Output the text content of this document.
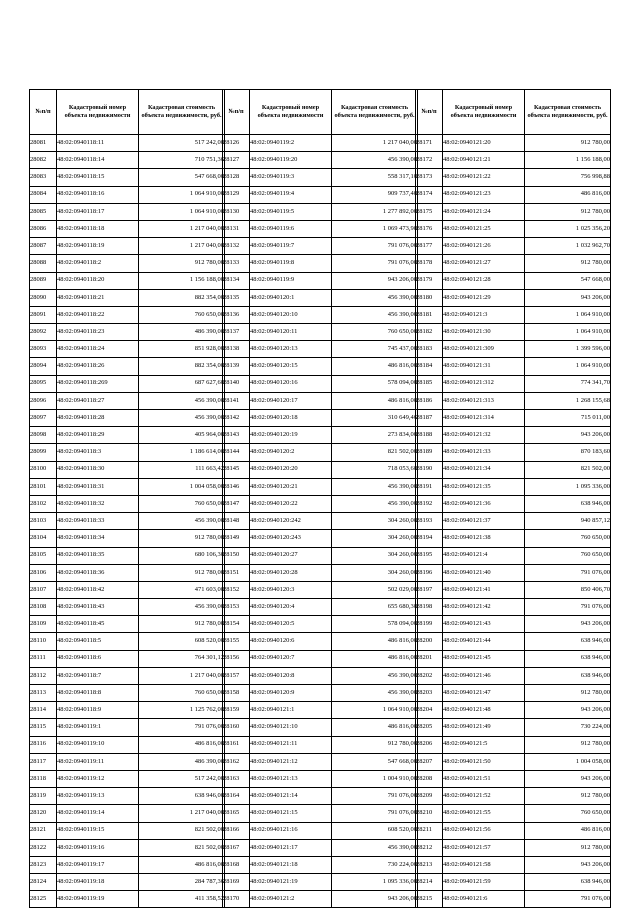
№п/п	Кадастровый номер объекта недвижимости	Кадастровая стоимость объекта недвижимости, руб.
28081	48:02:0940118:11	517 242,00
28082	48:02:0940118:14	710 751,36
28083	48:02:0940118:15	547 668,00
28084	48:02:0940118:16	1 064 910,00
28085	48:02:0940118:17	1 064 910,00
28086	48:02:0940118:18	1 217 040,00
28087	48:02:0940118:19	1 217 040,00
28088	48:02:0940118:2	912 780,00
28089	48:02:0940118:20	1 156 188,00
28090	48:02:0940118:21	882 354,00
28091	48:02:0940118:22	760 650,00
28092	48:02:0940118:23	486 390,00
28093	48:02:0940118:24	851 928,00
28094	48:02:0940118:26	882 354,00
28095	48:02:0940118:269	687 627,60
28096	48:02:0940118:27	456 390,00
28097	48:02:0940118:28	456 390,00
28098	48:02:0940118:29	405 964,00
28099	48:02:0940118:3	1 186 614,00
28100	48:02:0940118:30	111 663,42
28101	48:02:0940118:31	1 004 058,00
28102	48:02:0940118:32	760 650,00
28103	48:02:0940118:33	456 390,00
28104	48:02:0940118:34	912 780,00
28105	48:02:0940118:35	680 106,30
28106	48:02:0940118:36	912 780,00
28107	48:02:0940118:42	471 603,00
28108	48:02:0940118:43	456 390,00
28109	48:02:0940118:45	912 780,00
28110	48:02:0940118:5	608 520,00
28111	48:02:0940118:6	764 301,12
28112	48:02:0940118:7	1 217 040,00
28113	48:02:0940118:8	760 650,00
28114	48:02:0940118:9	1 125 762,00
28115	48:02:0940119:1	791 076,00
28116	48:02:0940119:10	486 816,00
28117	48:02:0940119:11	486 390,00
28118	48:02:0940119:12	517 242,00
28119	48:02:0940119:13	638 946,00
28120	48:02:0940119:14	1 217 040,00
28121	48:02:0940119:15	821 502,00
28122	48:02:0940119:16	821 502,00
28123	48:02:0940119:17	486 816,00
28124	48:02:0940119:18	284 787,36
28125	48:02:0940119:19	411 358,52
№п/п	Кадастровый номер объекта недвижимости	Кадастровая стоимость объекта недвижимости, руб.
28126	48:02:0940119:2	1 217 040,00
28127	48:02:0940119:20	456 390,00
28128	48:02:0940119:3	558 317,10
28129	48:02:0940119:4	909 737,40
28130	48:02:0940119:5	1 277 892,00
28131	48:02:0940119:6	1 069 473,90
28132	48:02:0940119:7	791 076,00
28133	48:02:0940119:8	791 076,00
28134	48:02:0940119:9	943 206,00
28135	48:02:0940120:1	456 390,00
28136	48:02:0940120:10	456 390,00
28137	48:02:0940120:11	760 650,00
28138	48:02:0940120:13	745 437,00
28139	48:02:0940120:15	486 816,00
28140	48:02:0940120:16	578 094,00
28141	48:02:0940120:17	486 816,00
28142	48:02:0940120:18	310 649,46
28143	48:02:0940120:19	273 834,00
28144	48:02:0940120:2	821 502,00
28145	48:02:0940120:20	718 053,60
28146	48:02:0940120:21	456 390,00
28147	48:02:0940120:22	456 390,00
28148	48:02:0940120:242	304 260,00
28149	48:02:0940120:243	304 260,00
28150	48:02:0940120:27	304 260,00
28151	48:02:0940120:28	304 260,00
28152	48:02:0940120:3	502 029,00
28153	48:02:0940120:4	655 680,30
28154	48:02:0940120:5	578 094,00
28155	48:02:0940120:6	486 816,00
28156	48:02:0940120:7	486 816,00
28157	48:02:0940120:8	456 390,00
28158	48:02:0940120:9	456 390,00
28159	48:02:0940121:1	1 064 910,00
28160	48:02:0940121:10	486 816,00
28161	48:02:0940121:11	912 780,00
28162	48:02:0940121:12	547 668,00
28163	48:02:0940121:13	1 004 910,00
28164	48:02:0940121:14	791 076,00
28165	48:02:0940121:15	791 076,00
28166	48:02:0940121:16	608 520,00
28167	48:02:0940121:17	456 390,00
28168	48:02:0940121:18	730 224,00
28169	48:02:0940121:19	1 095 336,00
28170	48:02:0940121:2	943 206,00
№п/п	Кадастровый номер объекта недвижимости	Кадастровая стоимость объекта недвижимости, руб.
28171	48:02:0940121:20	912 780,00
28172	48:02:0940121:21	1 156 188,00
28173	48:02:0940121:22	756 998,88
28174	48:02:0940121:23	486 816,00
28175	48:02:0940121:24	912 780,00
28176	48:02:0940121:25	1 025 356,20
28177	48:02:0940121:26	1 032 962,70
28178	48:02:0940121:27	912 780,00
28179	48:02:0940121:28	547 668,00
28180	48:02:0940121:29	943 206,00
28181	48:02:0940121:3	1 064 910,00
28182	48:02:0940121:30	1 064 910,00
28183	48:02:0940121:309	1 399 596,00
28184	48:02:0940121:31	1 064 910,00
28185	48:02:0940121:312	774 341,70
28186	48:02:0940121:313	1 268 155,68
28187	48:02:0940121:314	715 011,00
28188	48:02:0940121:32	943 206,00
28189	48:02:0940121:33	870 183,60
28190	48:02:0940121:34	821 502,00
28191	48:02:0940121:35	1 095 336,00
28192	48:02:0940121:36	638 946,00
28193	48:02:0940121:37	940 857,12
28194	48:02:0940121:38	760 650,00
28195	48:02:0940121:4	760 650,00
28196	48:02:0940121:40	791 076,00
28197	48:02:0940121:41	850 406,70
28198	48:02:0940121:42	791 076,00
28199	48:02:0940121:43	943 206,00
28200	48:02:0940121:44	638 946,00
28201	48:02:0940121:45	638 946,00
28202	48:02:0940121:46	638 946,00
28203	48:02:0940121:47	912 780,00
28204	48:02:0940121:48	943 206,00
28205	48:02:0940121:49	730 224,00
28206	48:02:0940121:5	912 780,00
28207	48:02:0940121:50	1 004 058,00
28208	48:02:0940121:51	943 206,00
28209	48:02:0940121:52	912 780,00
28210	48:02:0940121:55	760 650,00
28211	48:02:0940121:56	486 816,00
28212	48:02:0940121:57	912 780,00
28213	48:02:0940121:58	943 206,00
28214	48:02:0940121:59	638 946,00
28215	48:02:0940121:6	791 076,00
